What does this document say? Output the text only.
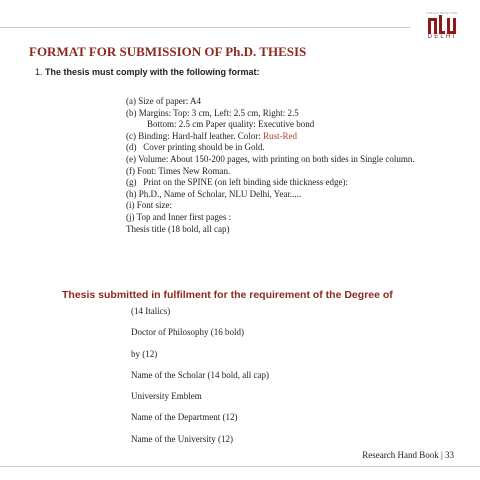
COMMON SENSE TRIAL
DELHI
FORMAT FOR SUBMISSION OF Ph.D. THESIS
1. The thesis must comply with the following format:
(a) Size of paper: A4
(b) Margins: Top: 3 cm, Left: 2.5 cm, Right: 2.5
Bottom: 2.5 cm Paper quality: Executive bond
(c) Binding: Hard-half leather. Color: Rust-Red
(d)   Cover printing should be in Gold.
(e) Volume: About 150-200 pages, with printing on both sides in Single column.
(f) Font: Times New Roman.
(g)   Print on the SPINE (on left binding side thickness edge):
(h) Ph.D., Name of Scholar, NLU Delhi, Year.....
(i) Font size:
(j) Top and Inner first pages :
Thesis title (18 bold, all cap)
Thesis submitted in fulfilment for the requirement of the Degree of
(14 Italics)
Doctor of Philosophy (16 bold)
by (12)
Name of the Scholar (14 bold, all cap)
University Emblem
Name of the Department (12)
Name of the University (12)
Research Hand Book | 33
